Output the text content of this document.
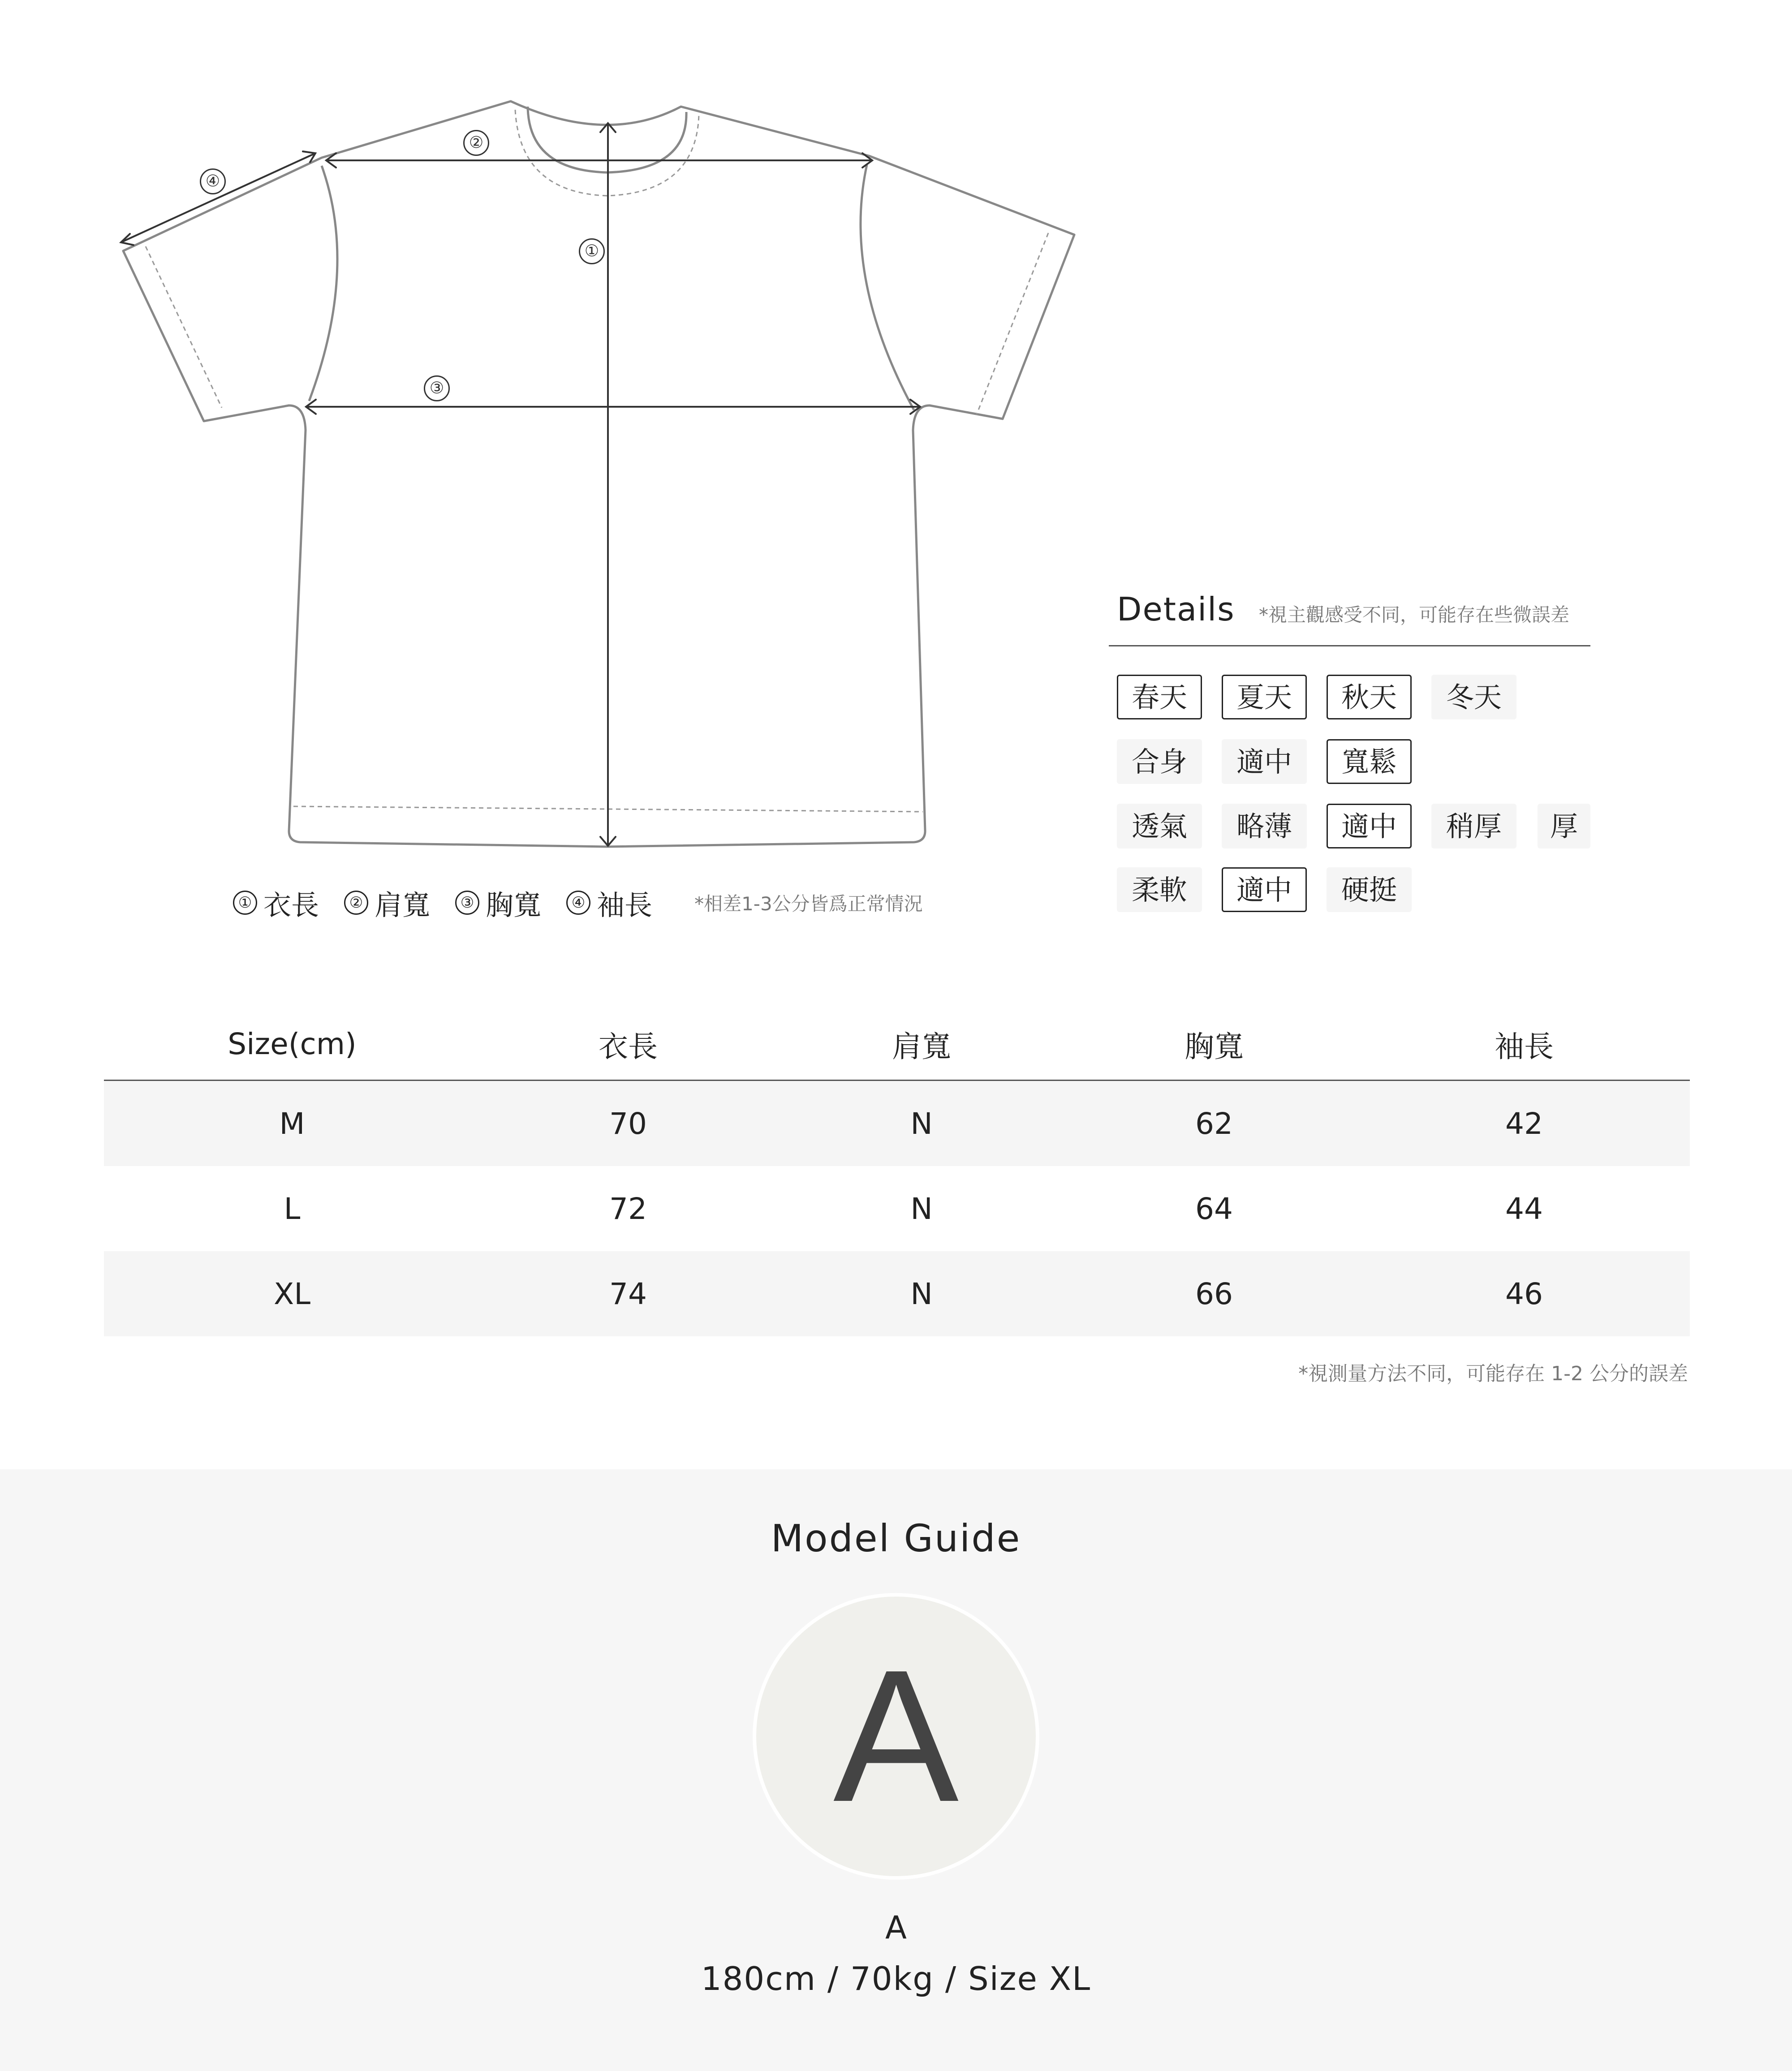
①
②
③
④
① 衣長	② 肩寬	③ 胸寬	④ 袖長 *相差1-3公分皆爲正常情況
Details *視主觀感受不同，可能存在些微誤差
春天	夏天	秋天	冬天
合身	適中	寬鬆
透氣	略薄	適中	稍厚	厚
柔軟	適中	硬挺
Size(cm)	衣長	肩寬	胸寬	袖長
M	70	N	62	42
L	72	N	64	44
XL	74	N	66	46
*視測量方法不同，可能存在 1-2 公分的誤差
Model Guide
A
A
180cm / 70kg / Size XL
